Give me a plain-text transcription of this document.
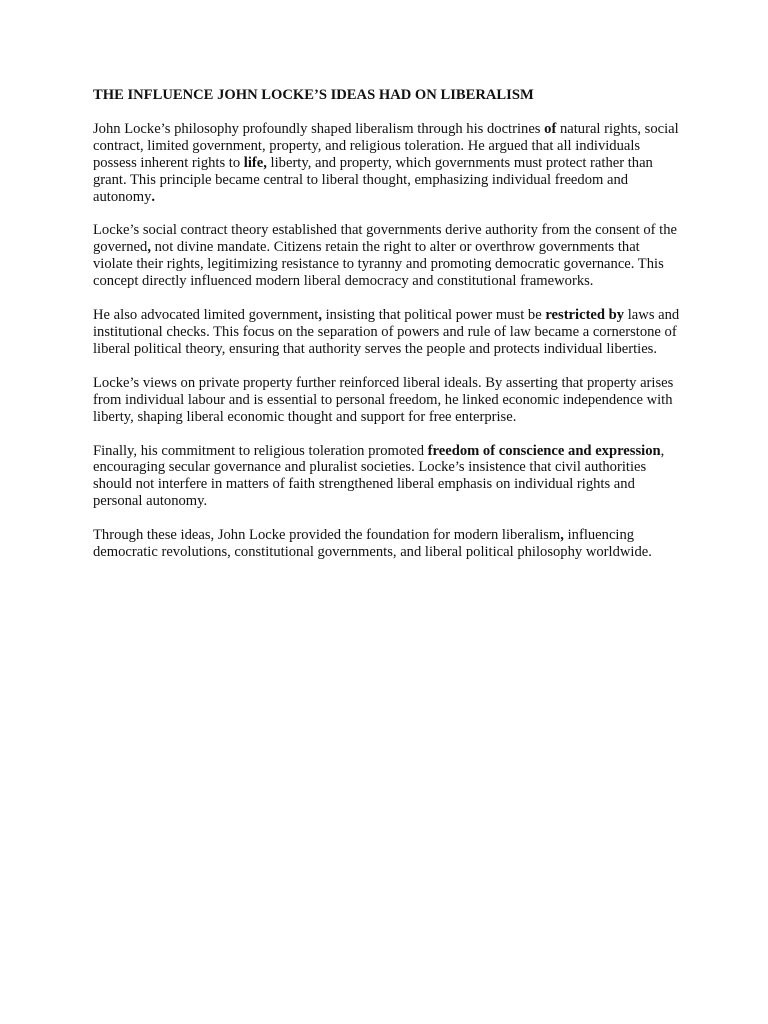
THE INFLUENCE JOHN LOCKE’S IDEAS HAD ON LIBERALISM

John Locke’s philosophy profoundly shaped liberalism through his doctrines of natural rights, social contract, limited government, property, and religious toleration. He argued that all individuals possess inherent rights to life, liberty, and property, which governments must protect rather than grant. This principle became central to liberal thought, emphasizing individual freedom and autonomy.

Locke’s social contract theory established that governments derive authority from the consent of the governed, not divine mandate. Citizens retain the right to alter or overthrow governments that violate their rights, legitimizing resistance to tyranny and promoting democratic governance. This concept directly influenced modern liberal democracy and constitutional frameworks.

He also advocated limited government, insisting that political power must be restricted by laws and institutional checks. This focus on the separation of powers and rule of law became a cornerstone of liberal political theory, ensuring that authority serves the people and protects individual liberties.

Locke’s views on private property further reinforced liberal ideals. By asserting that property arises from individual labour and is essential to personal freedom, he linked economic independence with liberty, shaping liberal economic thought and support for free enterprise.

Finally, his commitment to religious toleration promoted freedom of conscience and expression, encouraging secular governance and pluralist societies. Locke’s insistence that civil authorities should not interfere in matters of faith strengthened liberal emphasis on individual rights and personal autonomy.

Through these ideas, John Locke provided the foundation for modern liberalism, influencing democratic revolutions, constitutional governments, and liberal political philosophy worldwide.
